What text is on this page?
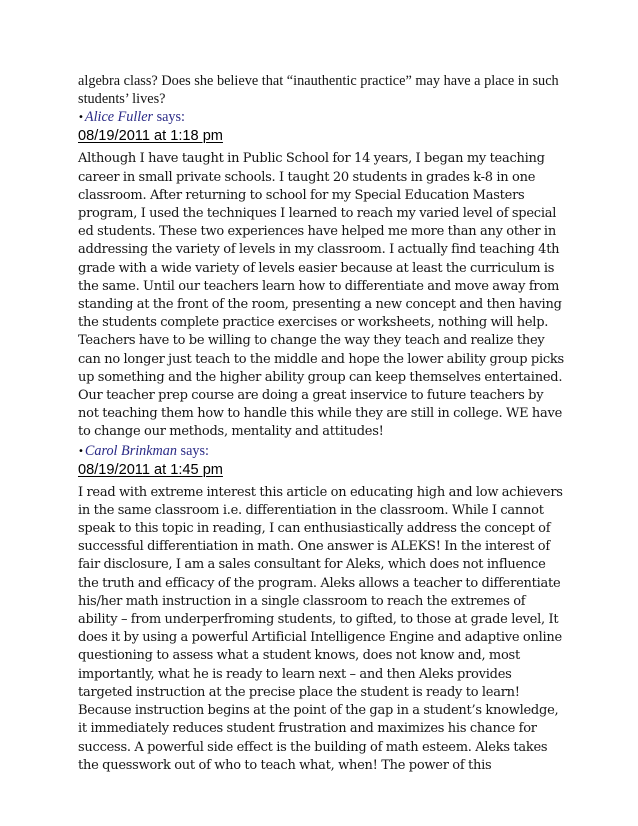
algebra class? Does she believe that “inauthentic practice” may have a place in such students’ lives?

•Alice Fuller says:

08/19/2011 at 1:18 pm

Although I have taught in Public School for 14 years, I began my teaching career in small private schools. I taught 20 students in grades k-8 in one classroom. After returning to school for my Special Education Masters program, I used the techniques I learned to reach my varied level of special ed students. These two experiences have helped me more than any other in addressing the variety of levels in my classroom. I actually find teaching 4th grade with a wide variety of levels easier because at least the curriculum is the same. Until our teachers learn how to differentiate and move away from standing at the front of the room, presenting a new concept and then having the students complete practice exercises or worksheets, nothing will help. Teachers have to be willing to change the way they teach and realize they can no longer just teach to the middle and hope the lower ability group picks up something and the higher ability group can keep themselves entertained.

Our teacher prep course are doing a great inservice to future teachers by not teaching them how to handle this while they are still in college. WE have to change our methods, mentality and attitudes!

•Carol Brinkman says:

08/19/2011 at 1:45 pm

I read with extreme interest this article on educating high and low achievers in the same classroom i.e. differentiation in the classroom. While I cannot speak to this topic in reading, I can enthusiastically address the concept of successful differentiation in math. One answer is ALEKS! In the interest of fair disclosure, I am a sales consultant for Aleks, which does not influence the truth and efficacy of the program. Aleks allows a teacher to differentiate his/her math instruction in a single classroom to reach the extremes of ability – from underperfroming students, to gifted, to those at grade level, It does it by using a powerful Artificial Intelligence Engine and adaptive online questioning to assess what a student knows, does not know and, most importantly, what he is ready to learn next – and then Aleks provides targeted instruction at the precise place the student is ready to learn! Because instruction begins at the point of the gap in a student’s knowledge, it immediately reduces student frustration and maximizes his chance for success. A powerful side effect is the building of math esteem. Aleks takes the quesswork out of who to teach what, when! The power of this
